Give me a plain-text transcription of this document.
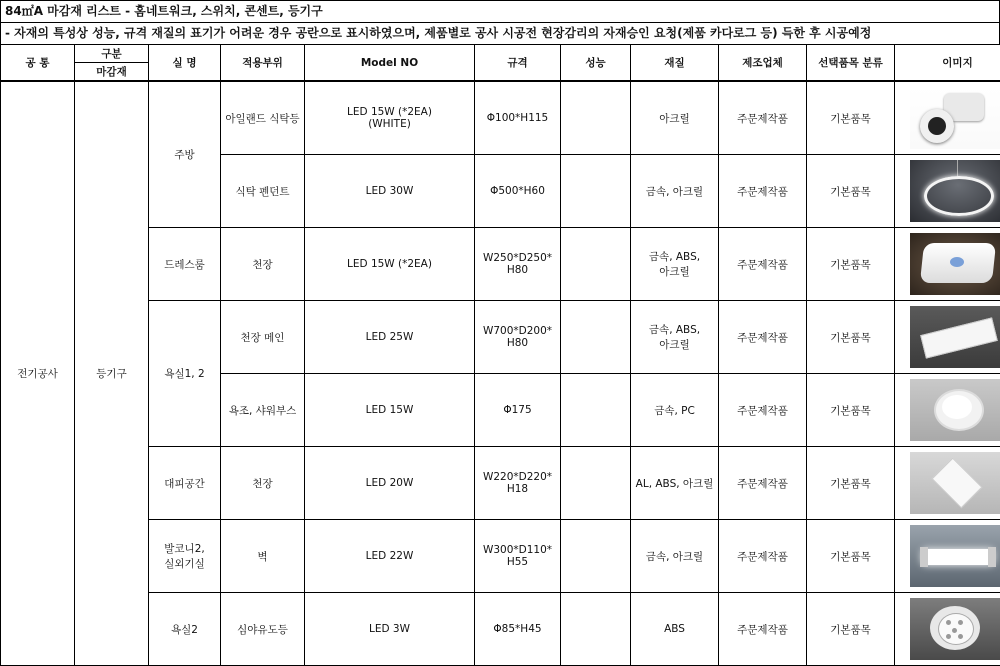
84㎡A 마감재 리스트 - 홈네트워크, 스위치, 콘센트, 등기구
- 자재의 특성상 성능, 규격 재질의 표기가 어려운 경우 공란으로 표시하였으며, 제품별로 공사 시공전 현장감리의 자재승인 요청(제품 카다로그 등) 득한 후 시공예정
공 통	구분	실 명	적용부위	Model NO	규격	성능	재질	제조업체	선택품목 분류	이미지
	마감재									
전기공사	등기구	주방	아일랜드 식탁등	LED 15W (*2EA)
(WHITE)	Φ100*H115		아크릴	주문제작품	기본품목	

			식탁 펜던트	LED 30W	Φ500*H60		금속, 아크릴	주문제작품	기본품목	

		드레스룸	천장	LED 15W (*2EA)	W250*D250*
H80		금속, ABS,
아크릴	주문제작품	기본품목	

		욕실1, 2	천장 메인	LED 25W	W700*D200*
H80		금속, ABS,
아크릴	주문제작품	기본품목	

			욕조, 샤워부스	LED 15W	Φ175		금속, PC	주문제작품	기본품목	

		대피공간	천장	LED 20W	W220*D220*
H18		AL, ABS, 아크릴	주문제작품	기본품목	

		발코니2,
실외기실	벽	LED 22W	W300*D110*
H55		금속, 아크릴	주문제작품	기본품목	

		욕실2	심야유도등	LED 3W	Φ85*H45		ABS	주문제작품	기본품목	
